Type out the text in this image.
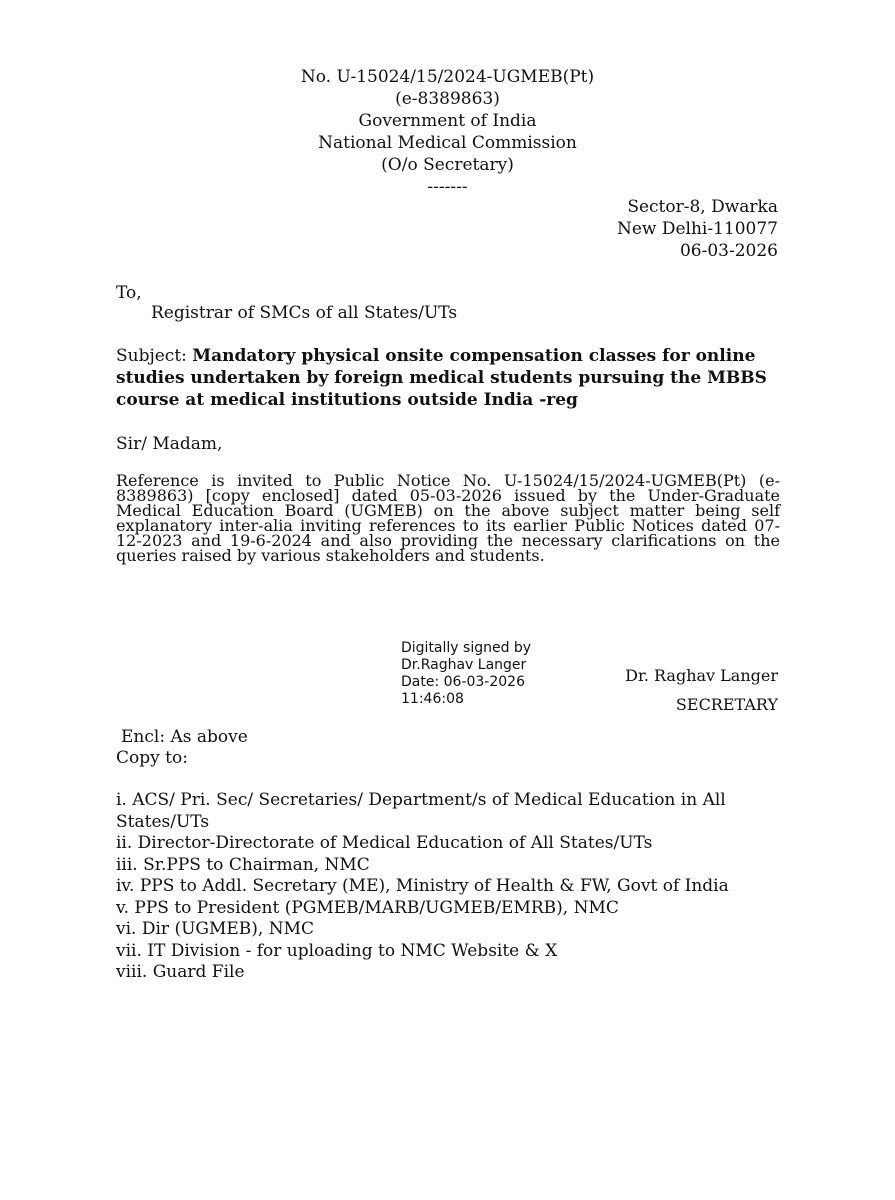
No. U-15024/15/2024-UGMEB(Pt)
(e-8389863)
Government of India
National Medical Commission
(O/o Secretary)
-------
Sector-8, Dwarka
New Delhi-110077
06-03-2026
To,
Registrar of SMCs of all States/UTs
Subject: Mandatory physical onsite compensation classes for online studies undertaken by foreign medical students pursuing the MBBS course at medical institutions outside India -reg
Sir/ Madam,
Reference is invited to Public Notice No. U-15024/15/2024-UGMEB(Pt) (e-8389863) [copy enclosed] dated 05-03-2026 issued by the Under-Graduate Medical Education Board (UGMEB) on the above subject matter being self explanatory inter-alia inviting references to its earlier Public Notices dated 07-12-2023 and 19-6-2024 and also providing the necessary clarifications on the queries raised by various stakeholders and students.
Digitally signed by
Dr.Raghav Langer
Date: 06-03-2026
11:46:08
Dr. Raghav Langer
SECRETARY
Encl: As above
Copy to:
i. ACS/ Pri. Sec/ Secretaries/ Department/s of Medical Education in All States/UTs
ii. Director-Directorate of Medical Education of All States/UTs
iii. Sr.PPS to Chairman, NMC
iv. PPS to Addl. Secretary (ME), Ministry of Health & FW, Govt of India
v. PPS to President (PGMEB/MARB/UGMEB/EMRB), NMC
vi. Dir (UGMEB), NMC
vii. IT Division - for uploading to NMC Website & X
viii. Guard File
